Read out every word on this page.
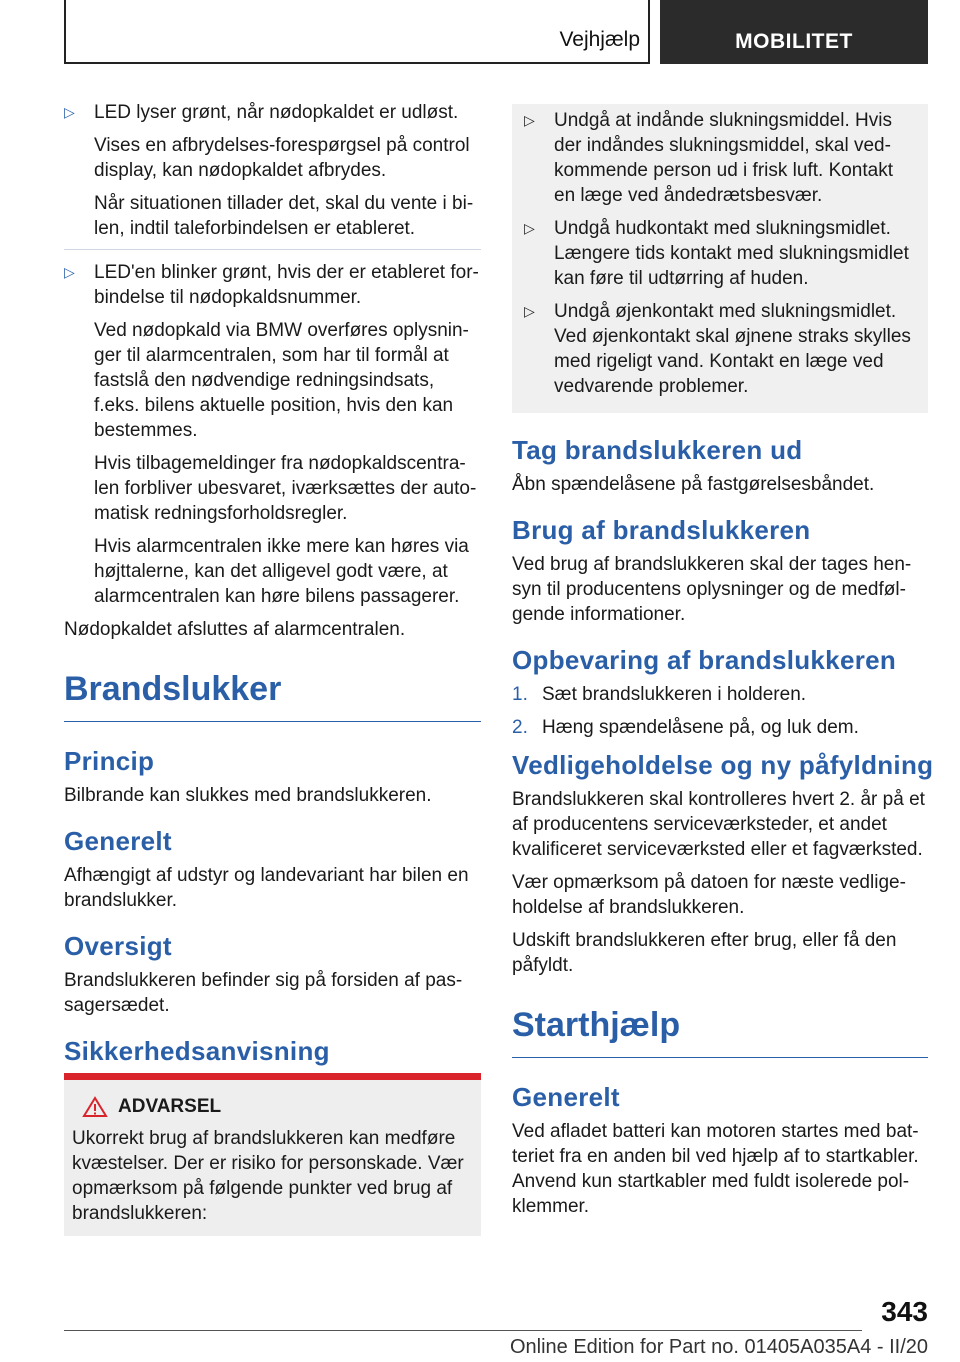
Vejhjælp	MOBILITET
▷ LED lyser grønt, når nødopkaldet er udløst.

Vises en afbrydelses-forespørgsel på control display, kan nødopkaldet afbrydes.

Når situationen tillader det, skal du vente i bi-len, indtil taleforbindelsen er etableret.

▷ LED'en blinker grønt, hvis der er etableret for-bindelse til nødopkaldsnummer.

Ved nødopkald via BMW overføres oplysnin-ger til alarmcentralen, som har til formål at fastslå den nødvendige redningsindsats, f.eks. bilens aktuelle position, hvis den kan bestemmes.

Hvis tilbagemeldinger fra nødopkaldscentra-len forbliver ubesvaret, iværksættes der auto-matisk redningsforholdsregler.

Hvis alarmcentralen ikke mere kan høres via højttalerne, kan det alligevel godt være, at alarmcentralen kan høre bilens passagerer.

Nødopkaldet afsluttes af alarmcentralen.

Brandslukker
Princip

Bilbrande kan slukkes med brandslukkeren.

Generelt

Afhængigt af udstyr og landevariant har bilen en brandslukker.

Oversigt

Brandslukkeren befinder sig på forsiden af pas-sagersædet.

Sikkerhedsanvisning
ADVARSEL

Ukorrekt brug af brandslukkeren kan medføre kvæstelser. Der er risiko for personskade. Vær opmærksom på følgende punkter ved brug af brandslukkeren:

▷ Undgå at indånde slukningsmiddel. Hvis der indåndes slukningsmiddel, skal ved-kommende person ud i frisk luft. Kontakt en læge ved åndedrætsbesvær.

▷ Undgå hudkontakt med slukningsmidlet. Længere tids kontakt med slukningsmidlet kan føre til udtørring af huden.

▷ Undgå øjenkontakt med slukningsmidlet. Ved øjenkontakt skal øjnene straks skylles med rigeligt vand. Kontakt en læge ved vedvarende problemer.

Tag brandslukkeren ud

Åbn spændelåsene på fastgørelsesbåndet.

Brug af brandslukkeren

Ved brug af brandslukkeren skal der tages hen-syn til producentens oplysninger og de medføl-gende informationer.

Opbevaring af brandslukkeren
1. Sæt brandslukkeren i holderen.
2. Hæng spændelåsene på, og luk dem.
Vedligeholdelse og ny påfyldning

Brandslukkeren skal kontrolleres hvert 2. år på et af producentens serviceværksteder, et andet kvalificeret serviceværksted eller et fagværksted.

Vær opmærksom på datoen for næste vedlige-holdelse af brandslukkeren.

Udskift brandslukkeren efter brug, eller få den påfyldt.

Starthjælp
Generelt

Ved afladet batteri kan motoren startes med bat-teriet fra en anden bil ved hjælp af to startkabler. Anvend kun startkabler med fuldt isolerede pol-klemmer.

343
Online Edition for Part no. 01405A035A4 - II/20
